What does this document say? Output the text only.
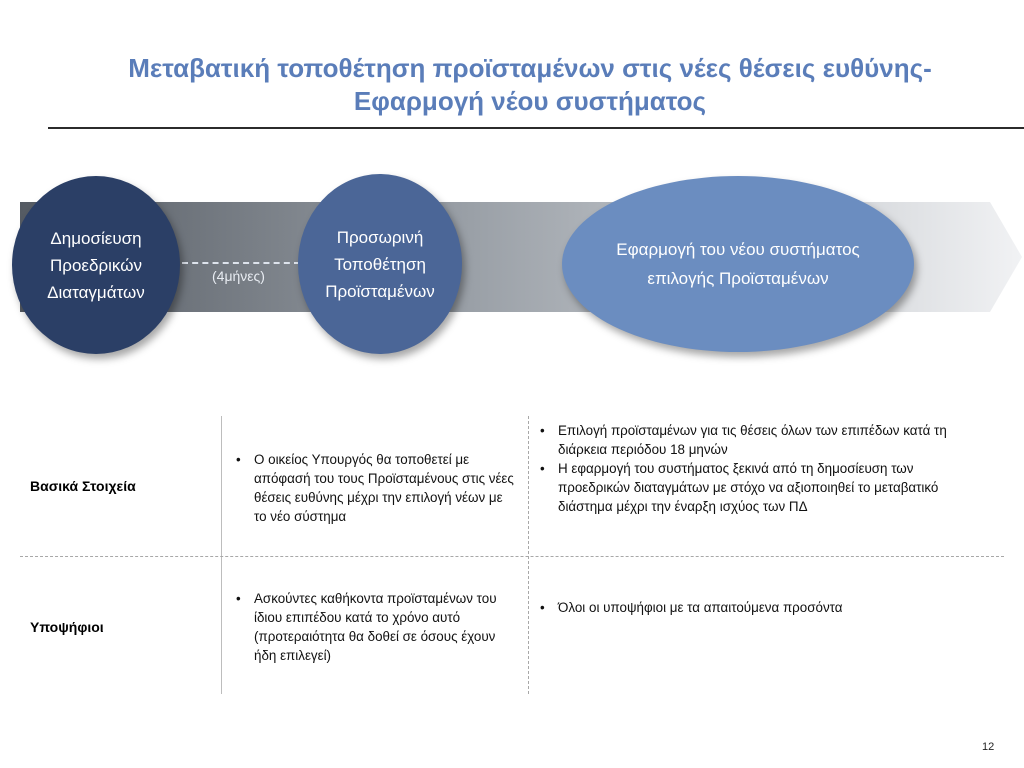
Μεταβατική τοποθέτηση προϊσταμένων στις νέες θέσεις ευθύνης-
Εφαρμογή νέου συστήματος
(4μήνες)
Δημοσίευση
Προεδρικών
Διαταγμάτων
Προσωρινή
Τοποθέτηση
Προϊσταμένων
Εφαρμογή του νέου συστήματος
επιλογής Προϊσταμένων
Βασικά Στοιχεία
• Ο οικείος Υπουργός θα τοποθετεί με απόφασή του τους Προϊσταμένους στις νέες θέσεις ευθύνης μέχρι την επιλογή νέων με το νέο σύστημα
• Επιλογή προϊσταμένων για τις θέσεις όλων των επιπέδων κατά τη διάρκεια περιόδου 18 μηνών
• Η εφαρμογή του συστήματος ξεκινά από τη δημοσίευση των προεδρικών διαταγμάτων με στόχο να αξιοποιηθεί το μεταβατικό διάστημα μέχρι την έναρξη ισχύος των ΠΔ
Υποψήφιοι
• Ασκούντες καθήκοντα προϊσταμένων του ίδιου επιπέδου κατά το χρόνο αυτό (προτεραιότητα θα δοθεί σε όσους έχουν ήδη επιλεγεί)
• Όλοι οι υποψήφιοι με τα απαιτούμενα προσόντα
12
